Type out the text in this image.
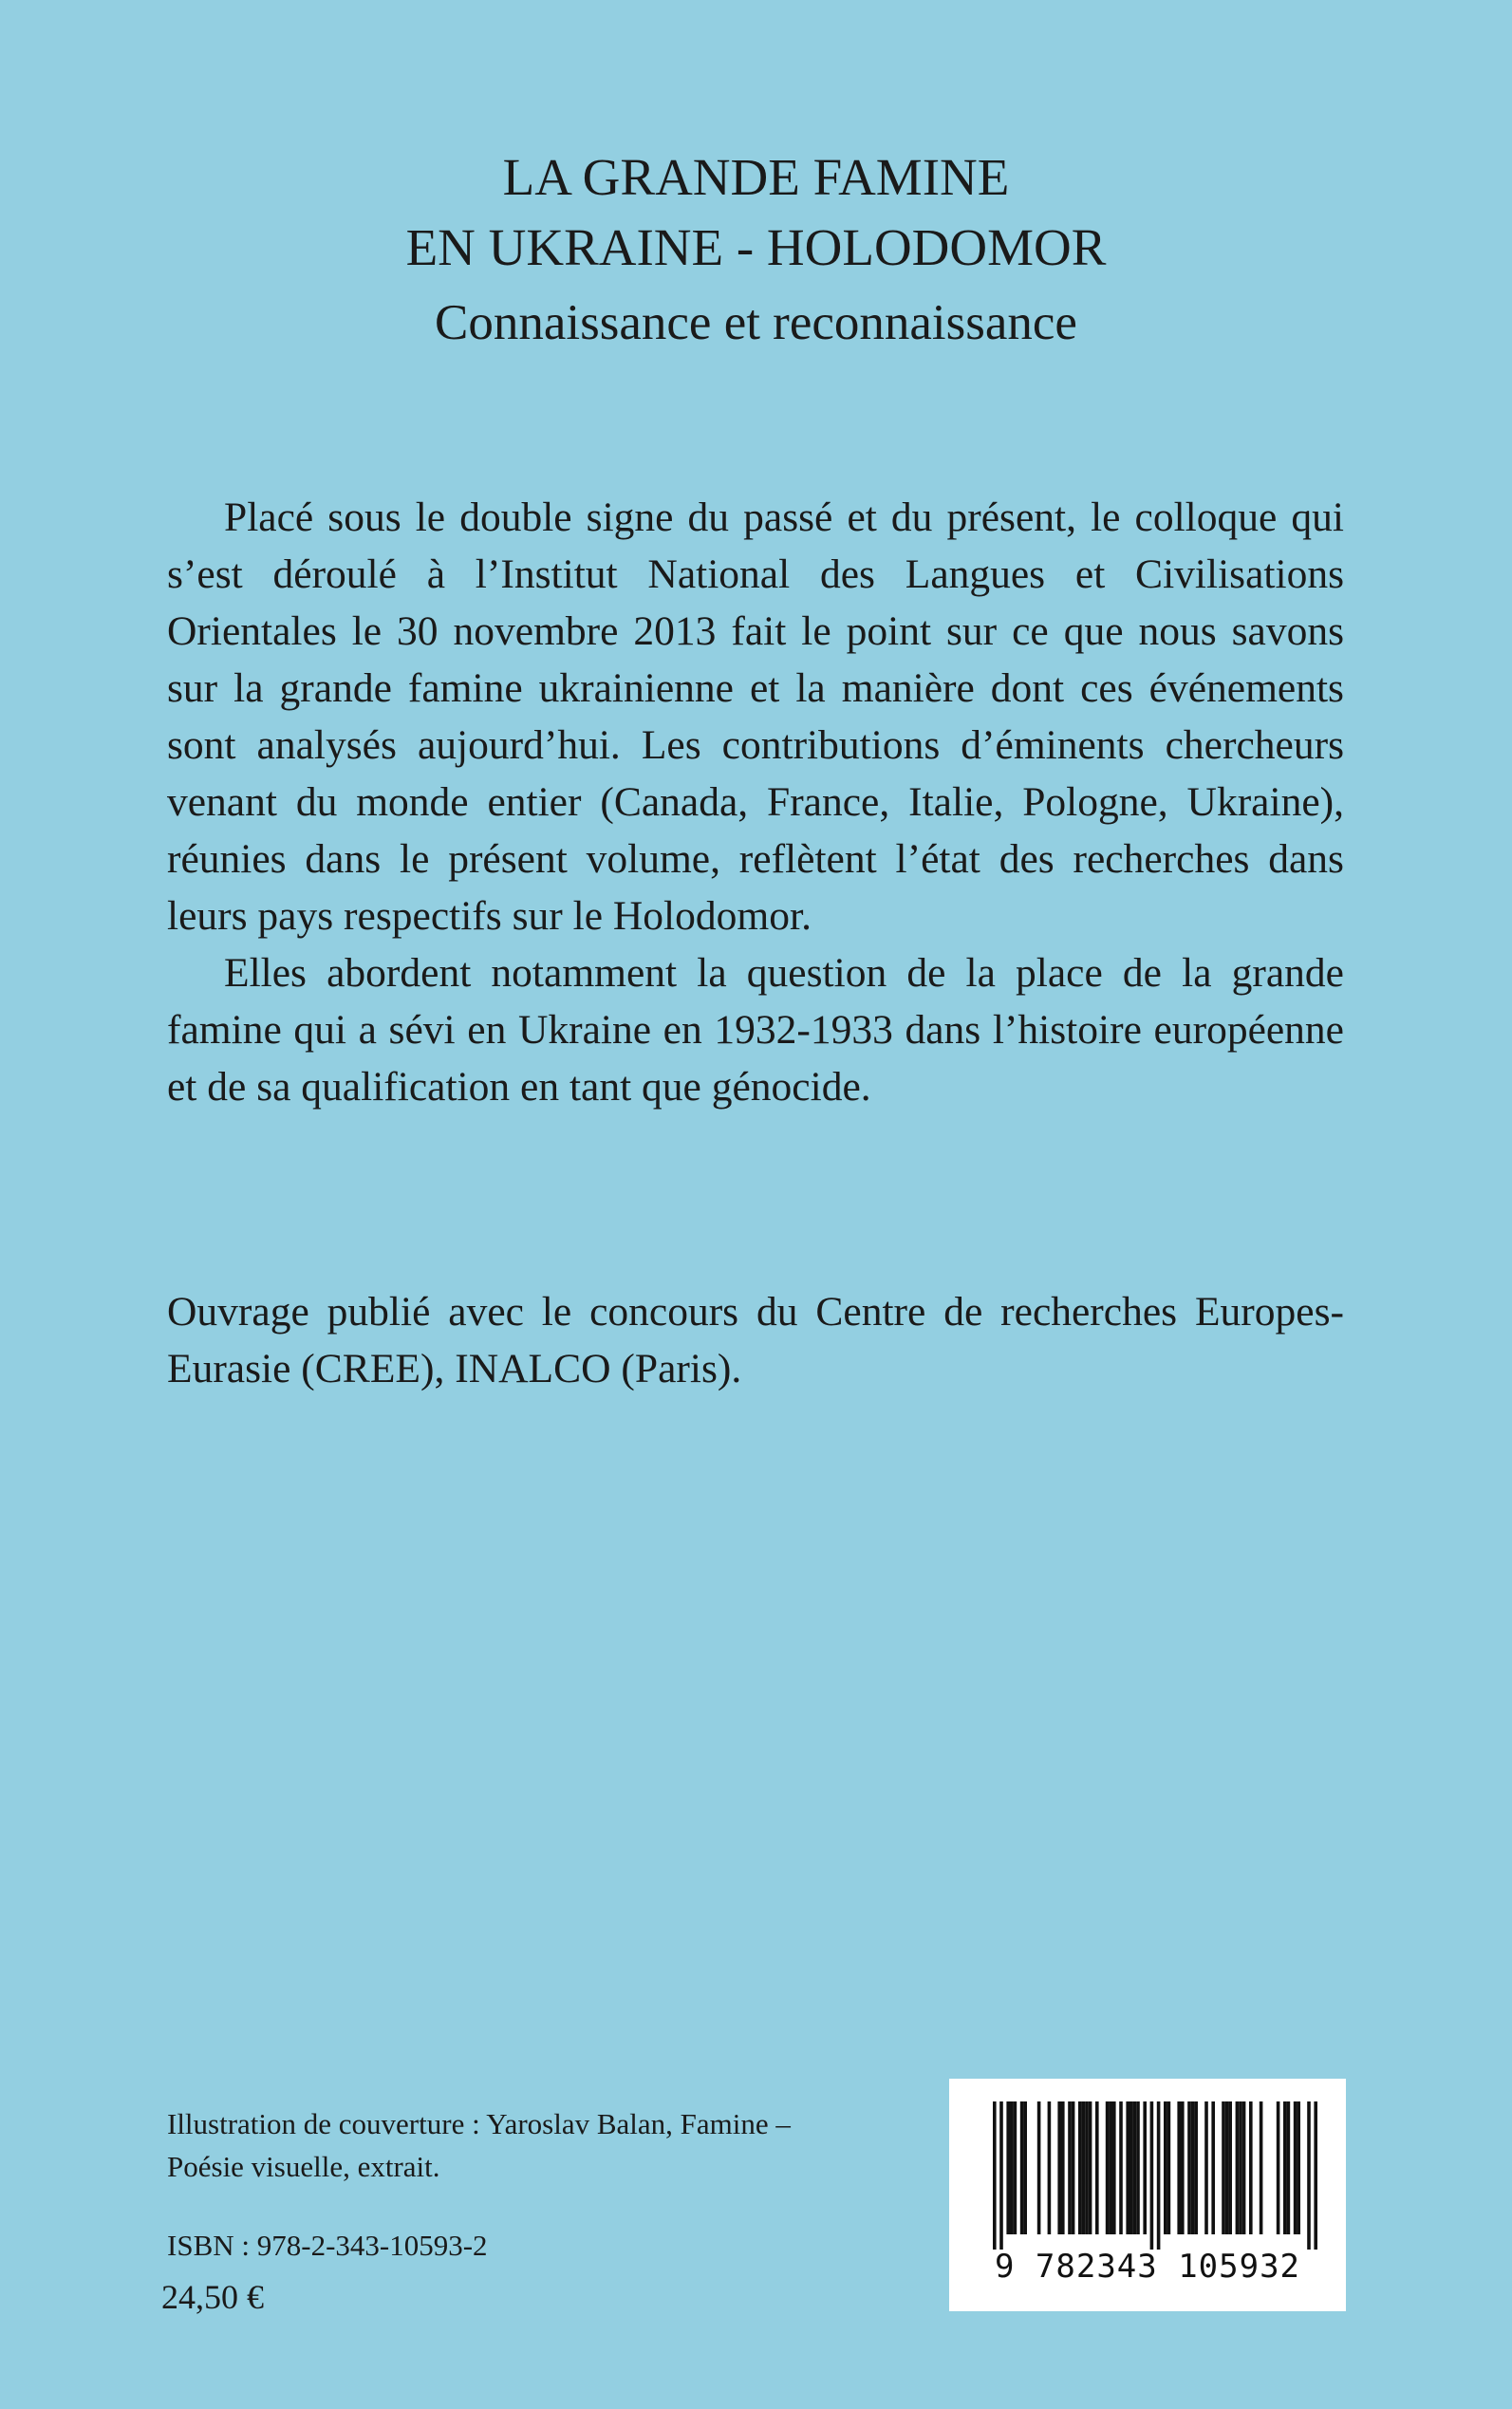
LA GRANDE FAMINE
EN UKRAINE - HOLODOMOR
Connaissance et reconnaissance

Placé sous le double signe du passé et du présent, le colloque qui s’est déroulé à l’Institut National des Langues et Civilisations Orientales le 30 novembre 2013 fait le point sur ce que nous savons sur la grande famine ukrainienne et la manière dont ces événements sont analysés aujourd’hui. Les contributions d’éminents chercheurs venant du monde entier (Canada, France, Italie, Pologne, Ukraine), réunies dans le présent volume, reflètent l’état des recherches dans leurs pays respectifs sur le Holodomor.

Elles abordent notamment la question de la place de la grande famine qui a sévi en Ukraine en 1932-1933 dans l’histoire européenne et de sa qualification en tant que génocide.

Ouvrage publié avec le concours du Centre de recherches Europes-Eurasie (CREE), INALCO (Paris).
Illustration de couverture : Yaroslav Balan, Famine –
Poésie visuelle, extrait.
ISBN : 978-2-343-10593-2
24,50 €
9 782343 105932
